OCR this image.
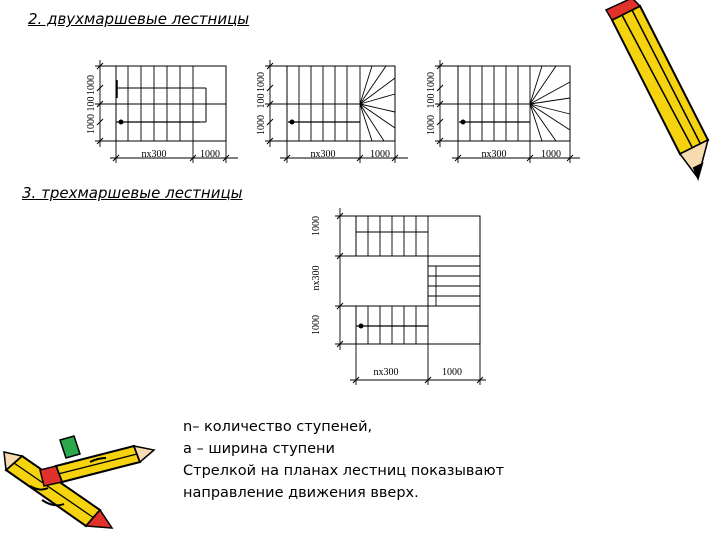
2. двухмаршевые лестницы
3. трехмаршевые лестницы
1000
100
1000
nx300	1000
1000
100
1000
nx300	1000
1000
100
1000
nx300	1000
1000
nx300
1000
nx300	1000
n– количество ступеней,
a – ширина ступени
Стрелкой на планах лестниц показывают
направление движения вверх.
